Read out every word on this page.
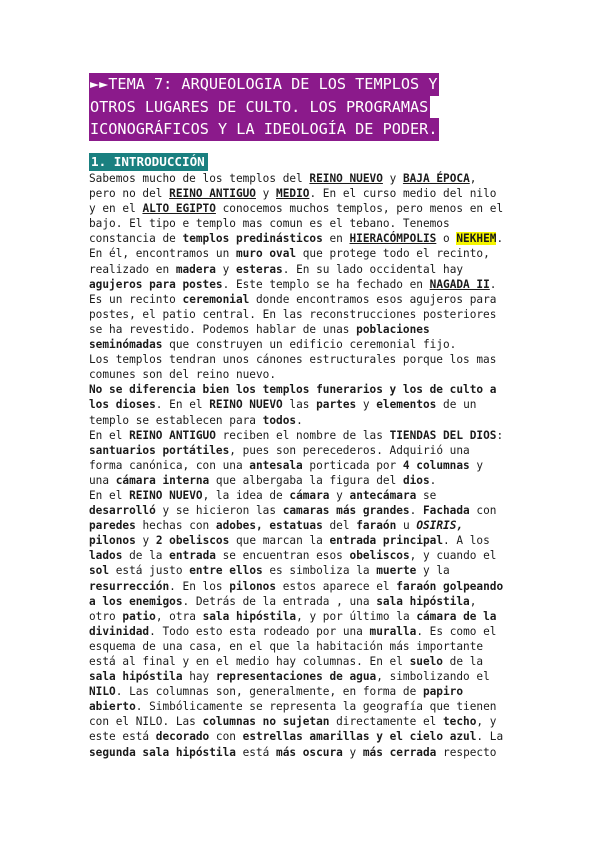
►►TEMA 7: ARQUEOLOGIA DE LOS TEMPLOS Y
OTROS LUGARES DE CULTO. LOS PROGRAMAS
ICONOGRÁFICOS Y LA IDEOLOGÍA DE PODER.
1. INTRODUCCIÓN
Sabemos mucho de los templos del REINO NUEVO y BAJA ÉPOCA,
pero no del REINO ANTIGUO y MEDIO. En el curso medio del nilo
y en el ALTO EGIPTO conocemos muchos templos, pero menos en el
bajo. El tipo e templo mas comun es el tebano. Tenemos
constancia de templos predinásticos en HIERACÓMPOLIS o NEKHEM.
En él, encontramos un muro oval que protege todo el recinto,
realizado en madera y esteras. En su lado occidental hay
agujeros para postes. Este templo se ha fechado en NAGADA II.
Es un recinto ceremonial donde encontramos esos agujeros para
postes, el patio central. En las reconstrucciones posteriores
se ha revestido. Podemos hablar de unas poblaciones
seminómadas que construyen un edificio ceremonial fijo.
Los templos tendran unos cánones estructurales porque los mas
comunes son del reino nuevo.
No se diferencia bien los templos funerarios y los de culto a
los dioses. En el REINO NUEVO las partes y elementos de un
templo se establecen para todos.
En el REINO ANTIGUO reciben el nombre de las TIENDAS DEL DIOS:
santuarios portátiles, pues son perecederos. Adquirió una
forma canónica, con una antesala porticada por 4 columnas y
una cámara interna que albergaba la figura del dios.
En el REINO NUEVO, la idea de cámara y antecámara se
desarrolló y se hicieron las camaras más grandes. Fachada con
paredes hechas con adobes, estatuas del faraón u OSIRIS,
pilonos y 2 obeliscos que marcan la entrada principal. A los
lados de la entrada se encuentran esos obeliscos, y cuando el
sol está justo entre ellos es simboliza la muerte y la
resurrección. En los pilonos estos aparece el faraón golpeando
a los enemigos. Detrás de la entrada , una sala hipóstila,
otro patio, otra sala hipóstila, y por último la cámara de la
divinidad. Todo esto esta rodeado por una muralla. Es como el
esquema de una casa, en el que la habitación más importante
está al final y en el medio hay columnas. En el suelo de la
sala hipóstila hay representaciones de agua, simbolizando el
NILO. Las columnas son, generalmente, en forma de papiro
abierto. Simbólicamente se representa la geografía que tienen
con el NILO. Las columnas no sujetan directamente el techo, y
este está decorado con estrellas amarillas y el cielo azul. La
segunda sala hipóstila está más oscura y más cerrada respecto
